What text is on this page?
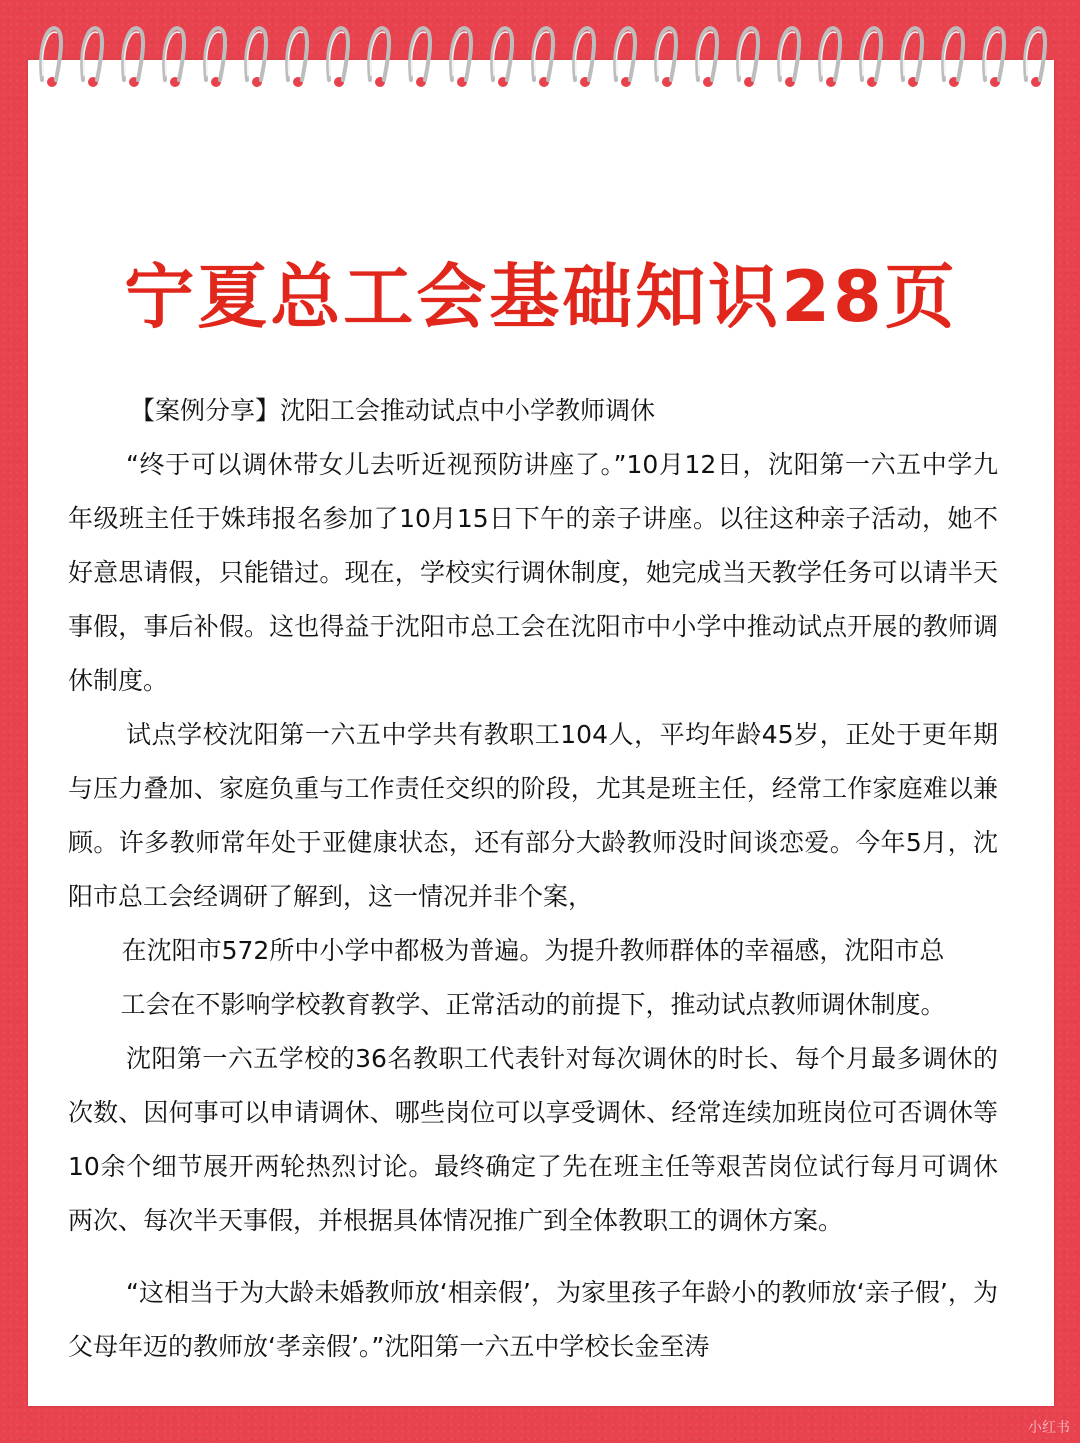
宁夏总工会基础知识28页

【案例分享】沈阳工会推动试点中小学教师调休

“终于可以调休带女儿去听近视预防讲座了。”10月12日，沈阳第一六五中学九年级班主任于姝玮报名参加了10月15日下午的亲子讲座。以往这种亲子活动，她不好意思请假，只能错过。现在，学校实行调休制度，她完成当天教学任务可以请半天事假，事后补假。这也得益于沈阳市总工会在沈阳市中小学中推动试点开展的教师调休制度。

试点学校沈阳第一六五中学共有教职工104人，平均年龄45岁，正处于更年期与压力叠加、家庭负重与工作责任交织的阶段，尤其是班主任，经常工作家庭难以兼顾。许多教师常年处于亚健康状态，还有部分大龄教师没时间谈恋爱。今年5月，沈阳市总工会经调研了解到，这一情况并非个案，

在沈阳市572所中小学中都极为普遍。为提升教师群体的幸福感，沈阳市总

工会在不影响学校教育教学、正常活动的前提下，推动试点教师调休制度。

沈阳第一六五学校的36名教职工代表针对每次调休的时长、每个月最多调休的次数、因何事可以申请调休、哪些岗位可以享受调休、经常连续加班岗位可否调休等10余个细节展开两轮热烈讨论。最终确定了先在班主任等艰苦岗位试行每月可调休两次、每次半天事假，并根据具体情况推广到全体教职工的调休方案。

“这相当于为大龄未婚教师放‘相亲假’，为家里孩子年龄小的教师放‘亲子假’，为父母年迈的教师放‘孝亲假’。”沈阳第一六五中学校长金至涛

小红书
